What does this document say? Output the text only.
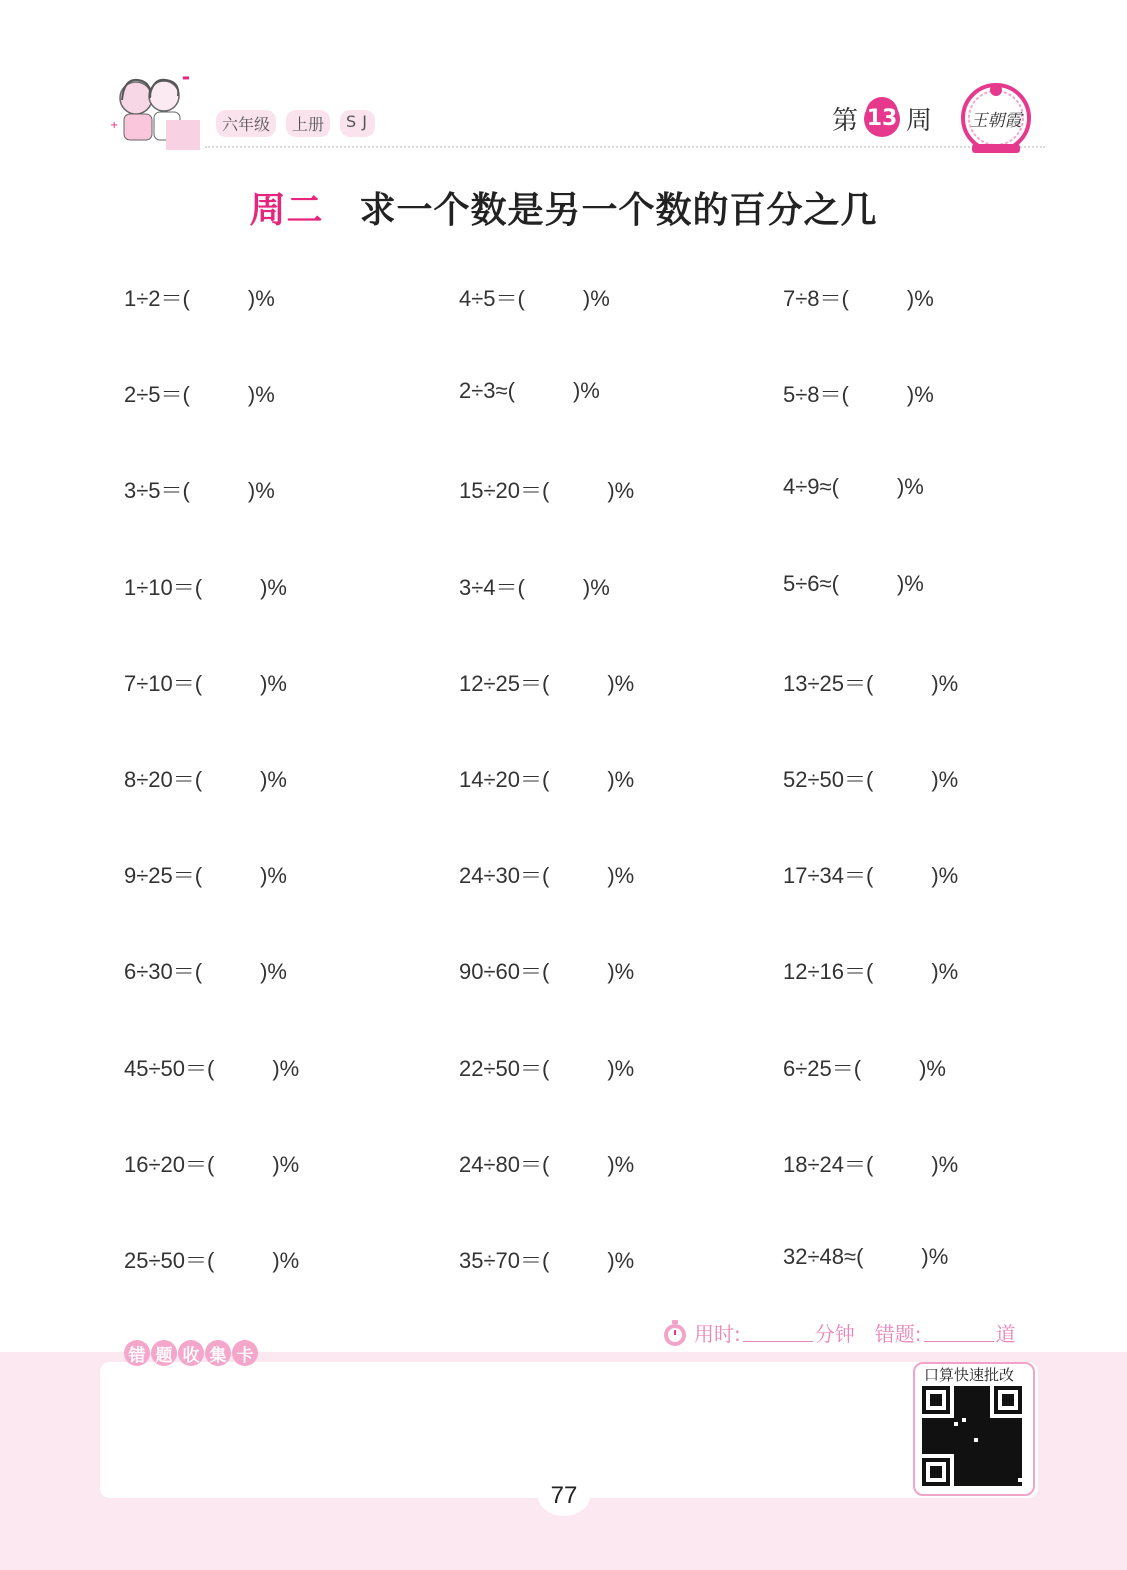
+
▬
六年级	上册	SJ	第 13 周 王朝霞
周二 求一个数是另一个数的百分之几
1÷2＝(	)%
2÷5＝(	)%
3÷5＝(	)%
1÷10＝(	)%
7÷10＝(	)%
8÷20＝(	)%
9÷25＝(	)%
6÷30＝(	)%
45÷50＝(	)%
16÷20＝(	)%
25÷50＝(	)%
4÷5＝(	)%
2÷3≈(	)%
15÷20＝(	)%
3÷4＝(	)%
12÷25＝(	)%
14÷20＝(	)%
24÷30＝(	)%
90÷60＝(	)%
22÷50＝(	)%
24÷80＝(	)%
35÷70＝(	)%
7÷8＝(	)%
5÷8＝(	)%
4÷9≈(	)%
5÷6≈(	)%
13÷25＝(	)%
52÷50＝(	)%
17÷34＝(	)%
12÷16＝(	)%
6÷25＝(	)%
18÷24＝(	)%
32÷48≈(	)%
用时:	分钟 错题:	道
错 题 收 集 卡
口算快速批改
77
